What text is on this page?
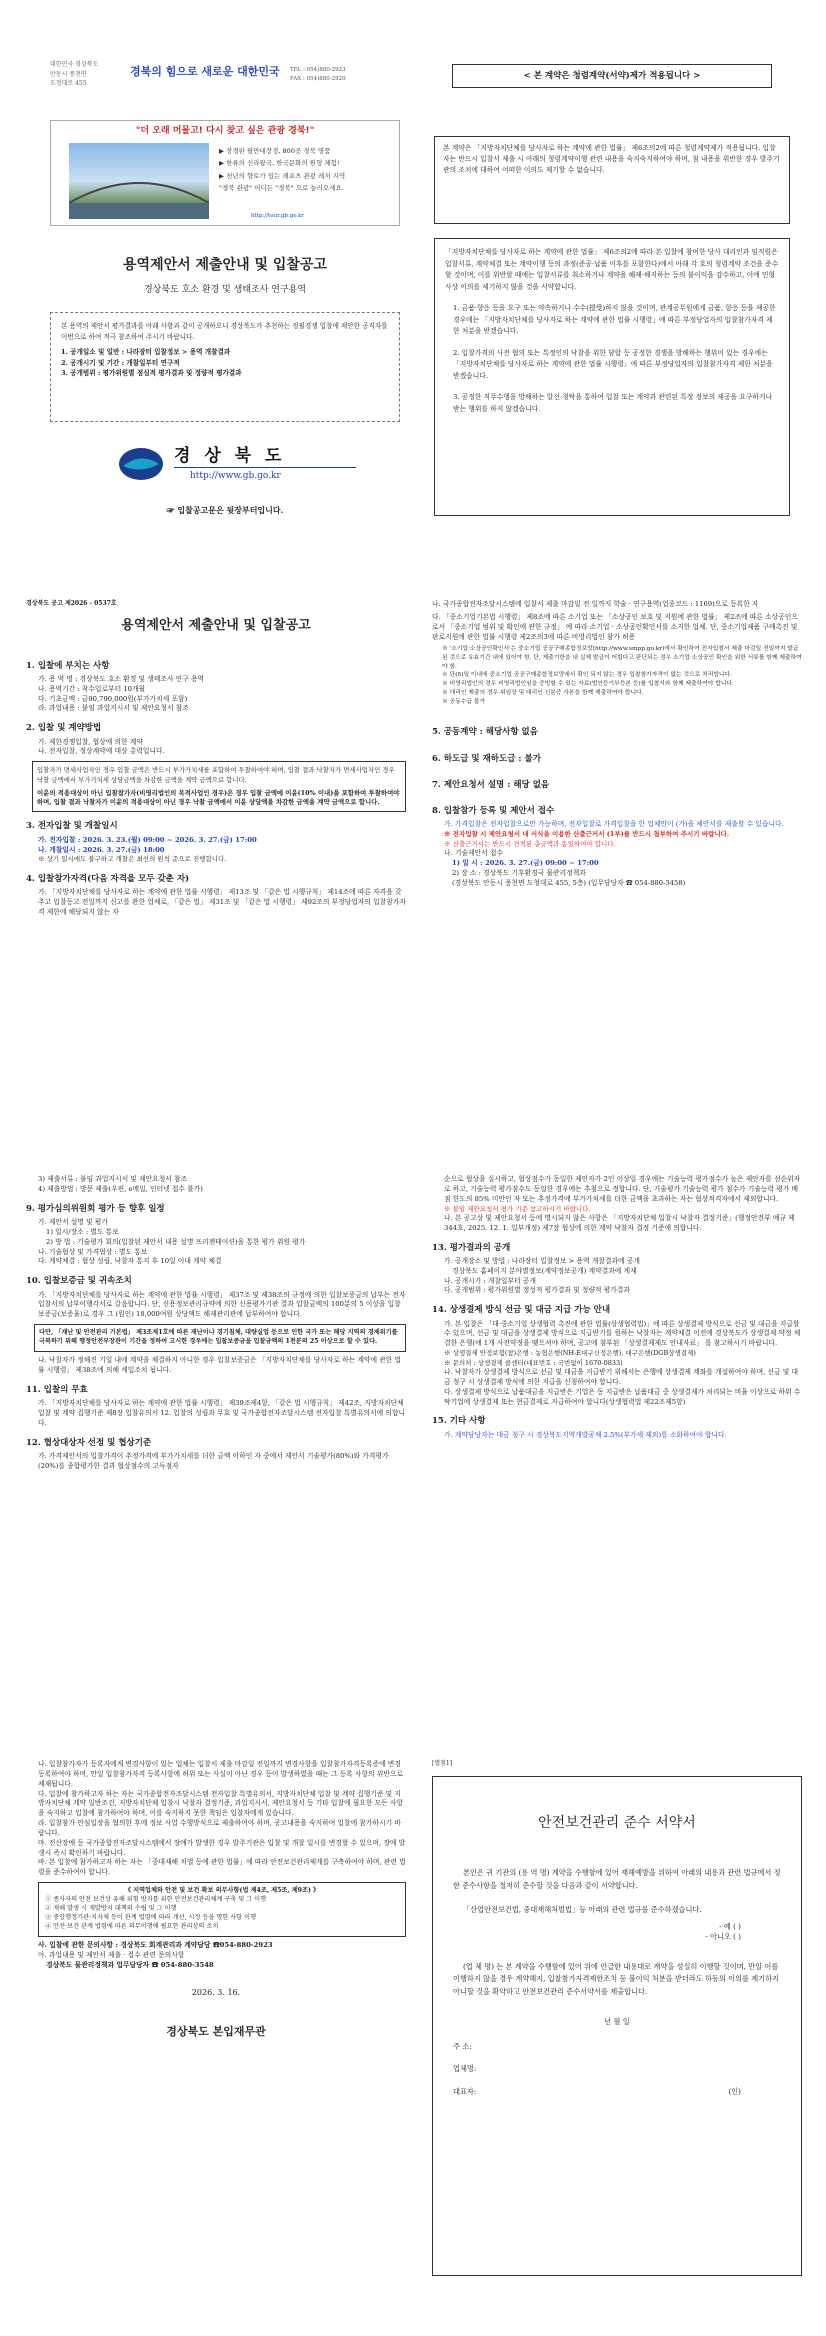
대한민국 경상북도
안동시 풍천면
도청대로 455
경북의 힘으로 새로운 대한민국 TEL : 054)880-2923
FAX : 054)880-2929
"더 오래 머물고! 다시 찾고 싶은 관광 경북!"
▶ 장경판 팔만대장경, 800곳 경북 명품
▶ 한류의 신라왕국, 한국문화의 원형 체험!
▶ 천년의 향토가 있는 레포츠 관광 레저 지역
"경북 관광" 어디든 "경북" 으로 놀러오세요.
http://tour.gb.go.kr
용역제안서 제출안내 및 입찰공고
경상북도 호소 환경 및 생태조사 연구용역
본 용역의 제안서 평가결과를 아래 사항과 같이 공개하오니 경상북도가 추천하는 정필경쟁 입찰에 제안한 공직자를 이번으로 하여 적극 참조하여 주시기 바랍니다.
1. 공개일소 및 일반 : 나라장터 입찰정보 > 용역 개찰결과
2. 공개시기 및 기간 : 개찰일부터 연구적
3. 공개범위 : 평가위원별 점심적 평가결과 및 정량적 평가결과
경 상 북 도
http://www.gb.go.kr
☞ 입찰공고문은 뒷장부터입니다.
< 본 계약은 청렴계약(서약)제가 적용됩니다 >
본 계약은 「지방자치단체를 당사자로 하는 계약에 관한 법률」 제6조의2에 따른 청렴계약제가 적용됩니다. 입찰자는 반드시 입찰서 제출 시 아래의 청렴계약이행 관련 내용을 숙지숙지하여야 하며, 첨 내용을 위반한 경우 발주기관의 조치에 대하여 어떠한 이의도 제기할 수 없습니다.
「지방자치단체를 당사자로 하는 계약에 관한 법률」 제6조의2에 따라 본 입찰에 참여한 당사 대리인과 임직원은 입찰서류, 계약체결 또는 계약이행 등의 과정(준공·납품 이후를 포함한다)에서 아래 각 호의 청렴계약 조건을 준수할 것이며, 이를 위반할 때에는 입찰서류를 취소하거나 계약을 해제·해지하는 등의 불이익을 감수하고, 이에 민형사상 이의를 제기하지 않을 것을 서약합니다.
1. 금품·향응 등을 요구 또는 약속하거나 수수(授受)하지 않을 것이며, 관계공무원에게 금품, 향응 등을 제공한 경우에는 「지방자치단체를 당사자로 하는 계약에 관한 법률 시행령」에 따른 부정당업자의 입찰참가자격 제한 처분을 받겠습니다.
2. 입찰가격의 사전 협의 또는 특정인의 낙찰을 위한 담합 등 공정한 경쟁을 방해하는 행위이 있는 경우에는 「지방자치단체를 당사자로 하는 계약에 관한 법률 시행령」에 따른 부정당업자의 입찰참가자격 제한 처분을 받겠습니다.
3. 공정한 직무수행을 방해하는 알선·청탁을 통하여 입찰 또는 계약과 관련된 특정 정보의 제공을 요구하거나 받는 행위를 하지 않겠습니다.
경상북도 공고 제2026 - 0537호
용역제안서 제출안내 및 입찰공고
1. 입찰에 부치는 사항
가. 용 역 명 : 경상북도 호소 환경 및 생태조사 연구 용역
나. 용역기간 : 착수일로부터 10개월
다. 기초금액 : 금90,790,000원(부가가치세 포함)
라. 과업내용 : 붙임 과업지시서 및 제안요청서 참조
2. 입찰 및 계약방법
가. 제한경쟁입찰, 협상에 의한 계약
나. 전자입찰, 정상계약에 대상 총력입니다.
입찰자가 면세사업자인 경우 입찰 금액은 반드시 부가가치세를 포함하여 투찰하여야 하며, 입찰 결과 낙찰자가 면세사업자인 경우 낙찰 금액에서 부가가치세 상당금액을 차감한 금액을 계약 금액으로 합니다.
이윤의 적용대상이 아닌 입찰참가자(비영리법인의 목적사업인 경우)은 경우 입찰 금액에 이윤(10% 이내)을 포함하여 투찰하여야 하며, 입찰 결과 낙찰자가 이윤의 적용대상이 아닌 경우 낙찰 금액에서 이윤 상당액을 차감한 금액을 계약 금액으로 합니다.
3. 전자입찰 및 개찰일시
가. 전자입찰 : 2026. 3. 23.(월) 09:00 ~ 2026. 3. 27.(금) 17:00
나. 개찰일시 : 2026. 3. 27.(금) 18:00
※ 상기 일시에도 불구하고 개찰은 최선의 원칙 준으로 진행합니다.
4. 입찰참가자격(다음 자격을 모두 갖춘 자)
가. 「지방자치단체를 당사자로 하는 계약에 관한 법률 시행령」 제13조 및 「같은 법 시행규칙」 제14조에 따른 자격을 갖추고 입찰등고 전일까지 신고를 완한 업체로, 「같은 법」 제31조 및 「같은 법 시행령」 제92조의 부정당업자의 입찰참가자격 제한에 해당되지 않는 자
나. 국가종합전자조달시스템에 입찰서 제출 마감일 전 일까지 학술 · 연구용역(업종코드 : 1169)으로 등록한 자
다. 「중소기업기본법 시행령」 제8조에 따른 소기업 또는 「소상공인 보호 및 지원에 관한 법률」 제2조에 따른 소상공인으로서 「중소기업 범위 및 확인에 관한 규정」 에 따라 소기업 · 소상공인확인서를 소지한 업체. 단, 중소기업제품 구매촉진 및 판로지원에 관한 법률 시행령 제2조의3에 따른 비영리법인 참가 허용
※ '소기업·소상공인확인서'는 중소기업 공공구매종합정보망(http://www.smpp.go.kr)에서 확인하여 전자입찰서 제출 마감일 전일까지 발급된 것으로 유효기간 내에 있어야 함. 단, 제출기한을 내 실제 발급이 어렵다고 판단되는 경우 소기업·소상공인 확인을 위한 서류를 함께 제출하여야 함.
※ 단(5)일 이내에 중소기업 공공구매종합정보망에서 확인 되지 않는 경우 입찰참가자격이 없는 것으로 처리합니다.
※ 비영리법인의 경우 비영리법인임을 증빙할 수 있는 자료(법인등기부등본 등)를 입찰서와 함께 제출하여야 합니다.
※ 대리인 제출의 경우 위임장 및 대리인 신분증 사본을 함께 제출하여야 합니다.
※ 공동수급 불가
5. 공동계약 : 해당사항 없음
6. 하도급 및 재하도급 : 불가
7. 제안요청서 설명 : 해당 없음
8. 입찰참가 등록 및 제안서 접수
가. 가격입찰은 전자입찰으로만 가능하며, 전자입찰로 가격입찰을 한 업체만이 (가)을 제안서를 제출할 수 있습니다.
※ 전자입찰 시 제안요청서 내 서식을 이용한 산출근거서 (1부)를 반드시 첨부하여 주시기 바랍니다.
※ 산출근거서는 반드시 견적된 총금액과 동일하여야 합니다.
나. 기술제안서 접수
1) 일 시 : 2026. 3. 27.(금) 09:00 ~ 17:00
2) 장 소 : 경상북도 기후환경국 물관리정책과
(경상북도 안동시 풍천면 도청대로 455, 5층) (입무담당자 ☎ 054-880-3458)
3) 제출서류 : 붙임 과업지시서 및 제안요청서 참조
4) 제출방법 : 방문 제출(우편, e메일, 인터넷 접수 불가)
9. 평가심의위원회 평가 등 향후 일정
가. 제안서 설명 및 평가
1) 일시/장소 : 별도 통보
2) 방 법 : 기술평가 회의(입찰된 제안서 내용 설명 프리젠테이션)을 통한 평가 위원 평가
나. 기술협상 및 가격협상 : 별도 통보
다. 계약체결 : 협상 성립, 낙찰자 통지 후 10일 이내 계약 체결
10. 입찰보증금 및 귀속조치
가. 「지방자치단체를 당사자로 하는 계약에 관한 법률 시행령」 제37조 및 제38조의 규정에 의한 입찰보증금의 납부는 전자입찰서의 납부이행각서로 갈음합니다. 단, 신용정보관리규약에 의한 신용평가기관 결과 입찰금액의 100분의 5 이상을 입찰보증금(보증율)로 경우 그 (원인) 18,000여원 상당액도 해제관리관에 납부하여야 합니다.
다만, 「재난 및 안전관리 기본법」 제3조제1호에 따른 재난이나 경기침체, 대량실업 등으로 인한 국가 또는 해당 지역의 경제위기를 극복하기 위해 행정안전부장관이 기간을 정하여 고시한 경우에는 입찰보증금을 입찰금액의 1천분의 25 이상으로 할 수 있다.
나. 낙찰자가 정해진 기일 내에 계약을 체결하지 아니한 경우 입찰보증금은 「지방자치단체를 당사자로 하는 계약에 관한 법률 시행령」 제38조에 의해 세입조치 됩니다.
11. 입찰의 무효
가. 「지방자치단체를 당사자로 하는 계약에 관한 법률 시행령」 제39조제4항, 「같은 법 시행규칙」 제42조, 지방자치단체 입찰 및 계약 집행기준 제8장 입찰유의서 12. 입찰의 성립과 무효 및 국가종합전자조달시스템 전자입찰 특별유의서에 의합니다.
12. 협상대상자 선정 및 협상기준
가. 가격제안서의 입찰가격이 추정가격에 부가가치세를 더한 금액 이하인 자 중에서 제안서 기술평가(80%)와 가격평가(20%)를 종합평가한 결과 협상점수의 고득점자
순으로 협상을 실시하고, 협상점수가 동일한 제안자가 2인 이상일 경우에는 기술능력 평가점수가 높은 제안자를 선순위자로 하고, 기술능력 평가점수도 동일한 경우에는 추첨으로 정합니다. 단, 기술평가 기술능력 평가 점수가 기술능력 평가 배점 한도의 85% 미만인 자 또는 추정가격에 부가가치세를 더한 금액을 초과하는 자는 협상적격자에서 제외합니다.
※ 붙임 제안요청서 평가 기준 참고하시기 바랍니다.
나. 본 공고상 및 제안요청서 등에 명시되지 않은 사항은 「지방자치단체 입찰시 낙찰자 결정기준」(행정안전부 예규 제344호, 2025. 12. 1. 일부개정) 제7장 협상에 의한 계약 낙찰자 결정 기준에 의합니다.
13. 평가결과의 공개
가. 공개장소 및 방법 : 나라장터 입찰정보 > 용역 개찰결과에 공개
경상북도 홈페이지 분야별정보(계약정보공개) 계약결과에 게재
나. 공개시기 : 개찰일부터 공개
다. 공개범위 : 평가위원별 정성적 평가결과 및 정량적 평가결과
14. 상생결제 방식 선금 및 대금 지급 가능 안내
가. 본 입찰은 「대·중소기업 상생협력 촉진에 관한 법률(상생협력법)」에 따른 상생결제 방식으로 선금 및 대금을 지급할 수 있으며, 선금 및 대금을 상생결제 방식으로 지급받기를 원하는 낙찰자는 계약체결 이전에 경상북도가 상생결제 약정 체결한 은행(에 1개 사전약정을 맺으셔야 하며, 공고에 첨부된 「상생결제제도 안내자료」 를 참고하시기 바랍니다.
※ 상생결제 안정보험(참)은행 : 농협은행(NH-E대구신정은행), 대구은행(DGB상생결제)
※ 문의처 : 상생결제 콜센터(대표번호 : 국번없이 1670-0833)
나. 낙찰자가 상생결제 방식으로 선금 및 대금을 지급받기 위해서는 은행에 상생결제 계좌를 개설하여야 하며, 선금 및 대금 청구 시 상생결제 방식에 의한 지급을 신청하여야 합니다.
다. 상생결제 방식으로 납품대금을 지급받은 기업은 동 지급받은 납품대금 중 상생결제가 처리되는 비율 이상으로 하위 수탁기업에 상생결제 또는 현금결제로 지급하여야 합니다(상생협력법 제22조제5항)
15. 기타 사항
가. 계약담당자는 대금 청구 시 경상북도지역개발공채 2.5%(부가세 제외)를 소화하여야 합니다.
나. 입찰참가자가 등록자에게 변경사항이 있는 업체는 입찰서 제출 마감일 전일까지 변경사항을 입찰참가자격등록증에 변경등록하여야 하며, 만일 입찰참가자격 등록사항에 허위 또는 사실이 아닌 경우 등이 발생하였을 때는 그 등록 사항의 위반으로 제재됩니다.
다. 입찰에 참가하고자 하는 자는 국가종합전자조달시스템 전자입찰 특별유의서, 지방자치단체 입찰 및 계약 집행기준 및 지방자치단체 계약 일반조건, 지방자치단체 입찰시 낙찰자 결정기준, 과업지시서, 제안요청서 등 기타 입찰에 필요한 모든 사항을 숙지하고 입찰에 참가하여야 하며, 이를 숙지하지 못한 책임은 입찰자에게 있습니다.
라. 입찰참가 안심입장을 협의한 후에 정보 사업 수행방식으로 제출하여야 하며, 공고내용을 숙지하여 입찰에 참가하시기 바랍니다.
마. 전산장애 등 국가종합전자조달시스템에서 장애가 발생한 경우 발주기관은 입찰 및 개찰 일시를 변경할 수 있으며, 장애 발생시 즉시 확인하기 바랍니다.
바. 본 입찰에 참가하고자 하는 자는 「중대재해 처벌 등에 관한 법률」에 따라 안전보건관리체계를 구축하여야 하며, 관련 법령을 준수하여야 합니다.
《 지역업체와 안전 및 보건 확보 의무사항(법 제4조, 제5조, 제9조) 》
① 종사자의 안전 보건상 유해 위험 방지를 위한 안전보건관리체계 구축 및 그 이행
② 재해 발생 시 재발방지 대책의 수립 및 그 이행
③ 중앙행정기관·지자체 등이 관계 법령에 따라 개선, 시정 등을 명한 사항 이행
④ 안전·보건 관계 법령에 따른 의무이행에 필요한 관리상의 조치
사. 입찰에 관한 문의사항 : 경상북도 회계관리과 계약담당 ☎054-880-2923
아. 과업내용 및 제안서 제출 · 접수 관련 문의사항
경상북도 물관리정책과 업무담당자 ☎ 054-880-3548
2026. 3. 16.
경상북도 본입재무관
[별첨1]
안전보건관리 준수 서약서
본인은 귀 기관의 (용 역 명) 계약을 수행함에 있어 재해예방을 위하여 아래의 내용과 관련 법규에서 정한 준수사항을 철저히 준수할 것을 다음과 같이 서약합니다.
「산업안전보건법, 중대재해처벌법」등 아래의 관련 법규를 준수하겠습니다.
- 예 ( )
- 아니오 ( )
(업 체 명) 는 본 계약을 수행함에 있어 위에 언급한 내용대로 계약을 성실히 이행할 것이며, 만일 이를 이행하지 않을 경우 계약해지, 입찰참가자격제한조치 등 불이익 처분을 받더라도 하등의 이의를 제기하지 아니할 것을 확약하고 안전보건관리 준수서약서를 제출합니다.
년 월 일
주 소:
업체명:
대표자:	(인)
